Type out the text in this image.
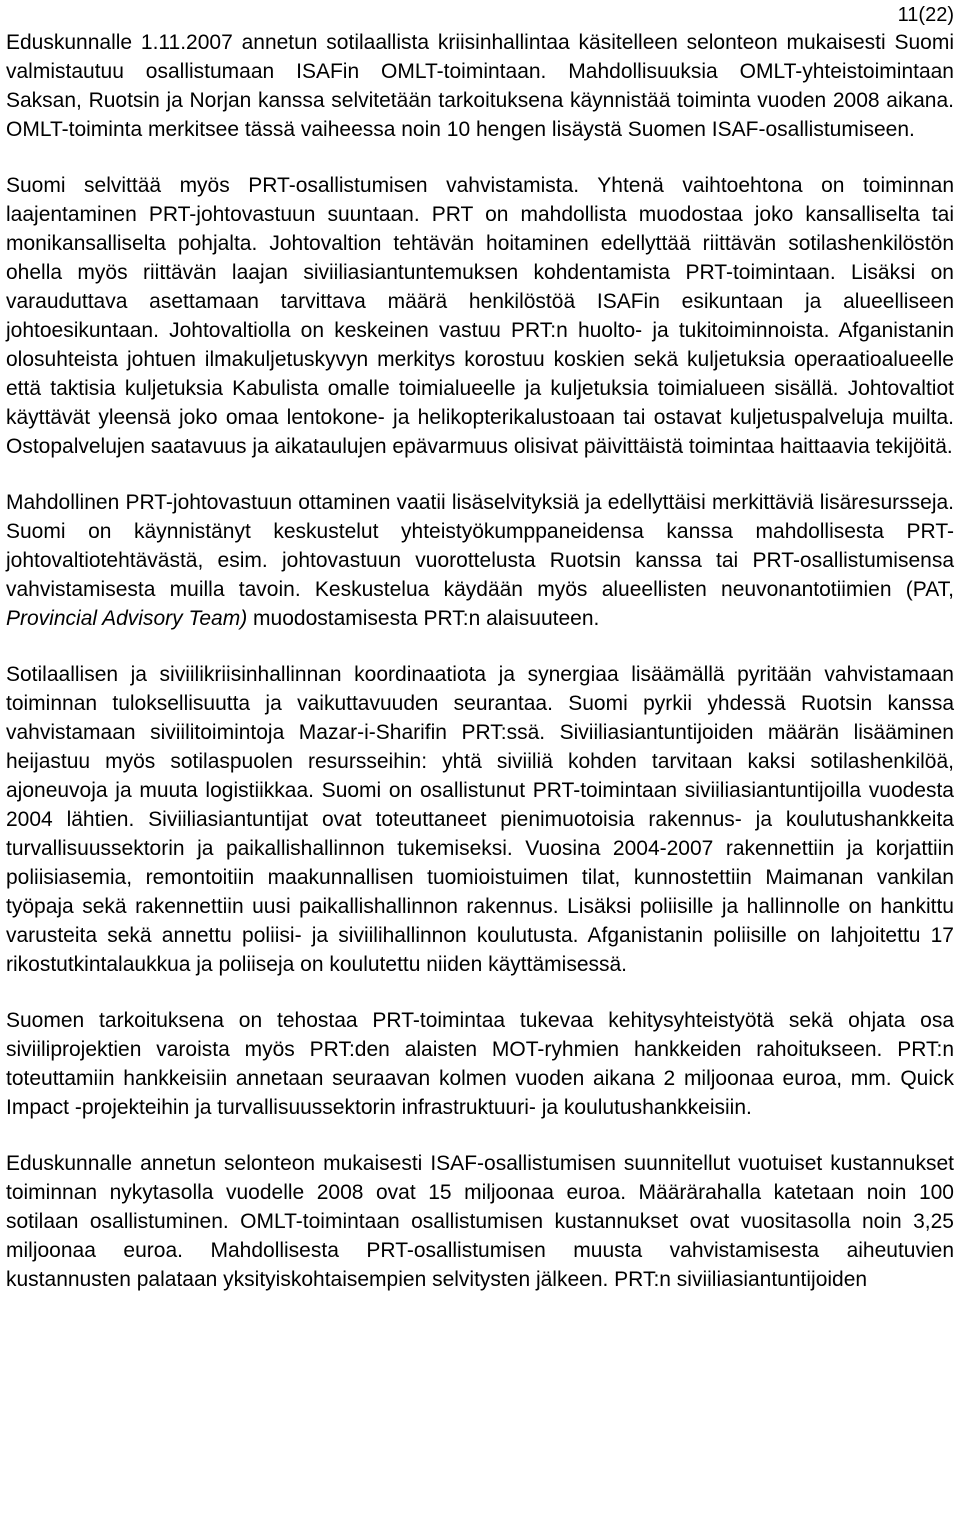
11(22)

Eduskunnalle 1.11.2007 annetun sotilaallista kriisinhallintaa käsitelleen selonteon mukaisesti Suomi valmistautuu osallistumaan ISAFin OMLT-toimintaan. Mahdollisuuksia OMLT-yhteistoimintaan Saksan, Ruotsin ja Norjan kanssa selvitetään tarkoituksena käynnistää toiminta vuoden 2008 aikana. OMLT-toiminta merkitsee tässä vaiheessa noin 10 hengen lisäystä Suomen ISAF-osallistumiseen.

Suomi selvittää myös PRT-osallistumisen vahvistamista. Yhtenä vaihtoehtona on toiminnan laajentaminen PRT-johtovastuun suuntaan. PRT on mahdollista muodostaa joko kansalliselta tai monikansalliselta pohjalta. Johtovaltion tehtävän hoitaminen edellyttää riittävän sotilashenkilöstön ohella myös riittävän laajan siviiliasiantuntemuksen kohdentamista PRT-toimintaan. Lisäksi on varauduttava asettamaan tarvittava määrä henkilöstöä ISAFin esikuntaan ja alueelliseen johtoesikuntaan. Johtovaltiolla on keskeinen vastuu PRT:n huolto- ja tukitoiminnoista. Afganistanin olosuhteista johtuen ilmakuljetuskyvyn merkitys korostuu koskien sekä kuljetuksia operaatioalueelle että taktisia kuljetuksia Kabulista omalle toimialueelle ja kuljetuksia toimialueen sisällä. Johtovaltiot käyttävät yleensä joko omaa lentokone- ja helikopterikalustoaan tai ostavat kuljetuspalveluja muilta. Ostopalvelujen saatavuus ja aikataulujen epävarmuus olisivat päivittäistä toimintaa haittaavia tekijöitä.

Mahdollinen PRT-johtovastuun ottaminen vaatii lisäselvityksiä ja edellyttäisi merkittäviä lisäresursseja. Suomi on käynnistänyt keskustelut yhteistyökumppaneidensa kanssa mahdollisesta PRT-johtovaltiotehtävästä, esim. johtovastuun vuorottelusta Ruotsin kanssa tai PRT-osallistumisensa vahvistamisesta muilla tavoin. Keskustelua käydään myös alueellisten neuvonantotiimien (PAT, Provincial Advisory Team) muodostamisesta PRT:n alaisuuteen.

Sotilaallisen ja siviilikriisinhallinnan koordinaatiota ja synergiaa lisäämällä pyritään vahvistamaan toiminnan tuloksellisuutta ja vaikuttavuuden seurantaa. Suomi pyrkii yhdessä Ruotsin kanssa vahvistamaan siviilitoimintoja Mazar-i-Sharifin PRT:ssä. Siviiliasiantuntijoiden määrän lisääminen heijastuu myös sotilaspuolen resursseihin: yhtä siviiliä kohden tarvitaan kaksi sotilashenkilöä, ajoneuvoja ja muuta logistiikkaa. Suomi on osallistunut PRT-toimintaan siviiliasiantuntijoilla vuodesta 2004 lähtien. Siviiliasiantuntijat ovat toteuttaneet pienimuotoisia rakennus- ja koulutushankkeita turvallisuussektorin ja paikallishallinnon tukemiseksi. Vuosina 2004-2007 rakennettiin ja korjattiin poliisiasemia, remontoitiin maakunnallisen tuomioistuimen tilat, kunnostettiin Maimanan vankilan työpaja sekä rakennettiin uusi paikallishallinnon rakennus. Lisäksi poliisille ja hallinnolle on hankittu varusteita sekä annettu poliisi- ja siviilihallinnon koulutusta. Afganistanin poliisille on lahjoitettu 17 rikostutkintalaukkua ja poliiseja on koulutettu niiden käyttämisessä.

Suomen tarkoituksena on tehostaa PRT-toimintaa tukevaa kehitysyhteistyötä sekä ohjata osa siviiliprojektien varoista myös PRT:den alaisten MOT-ryhmien hankkeiden rahoitukseen. PRT:n toteuttamiin hankkeisiin annetaan seuraavan kolmen vuoden aikana 2 miljoonaa euroa, mm. Quick Impact -projekteihin ja turvallisuussektorin infrastruktuuri- ja koulutushankkeisiin.

Eduskunnalle annetun selonteon mukaisesti ISAF-osallistumisen suunnitellut vuotuiset kustannukset toiminnan nykytasolla vuodelle 2008 ovat 15 miljoonaa euroa. Määrärahalla katetaan noin 100 sotilaan osallistuminen. OMLT-toimintaan osallistumisen kustannukset ovat vuositasolla noin 3,25 miljoonaa euroa. Mahdollisesta PRT-osallistumisen muusta vahvistamisesta aiheutuvien kustannusten palataan yksityiskohtaisempien selvitysten jälkeen. PRT:n siviiliasiantuntijoiden
